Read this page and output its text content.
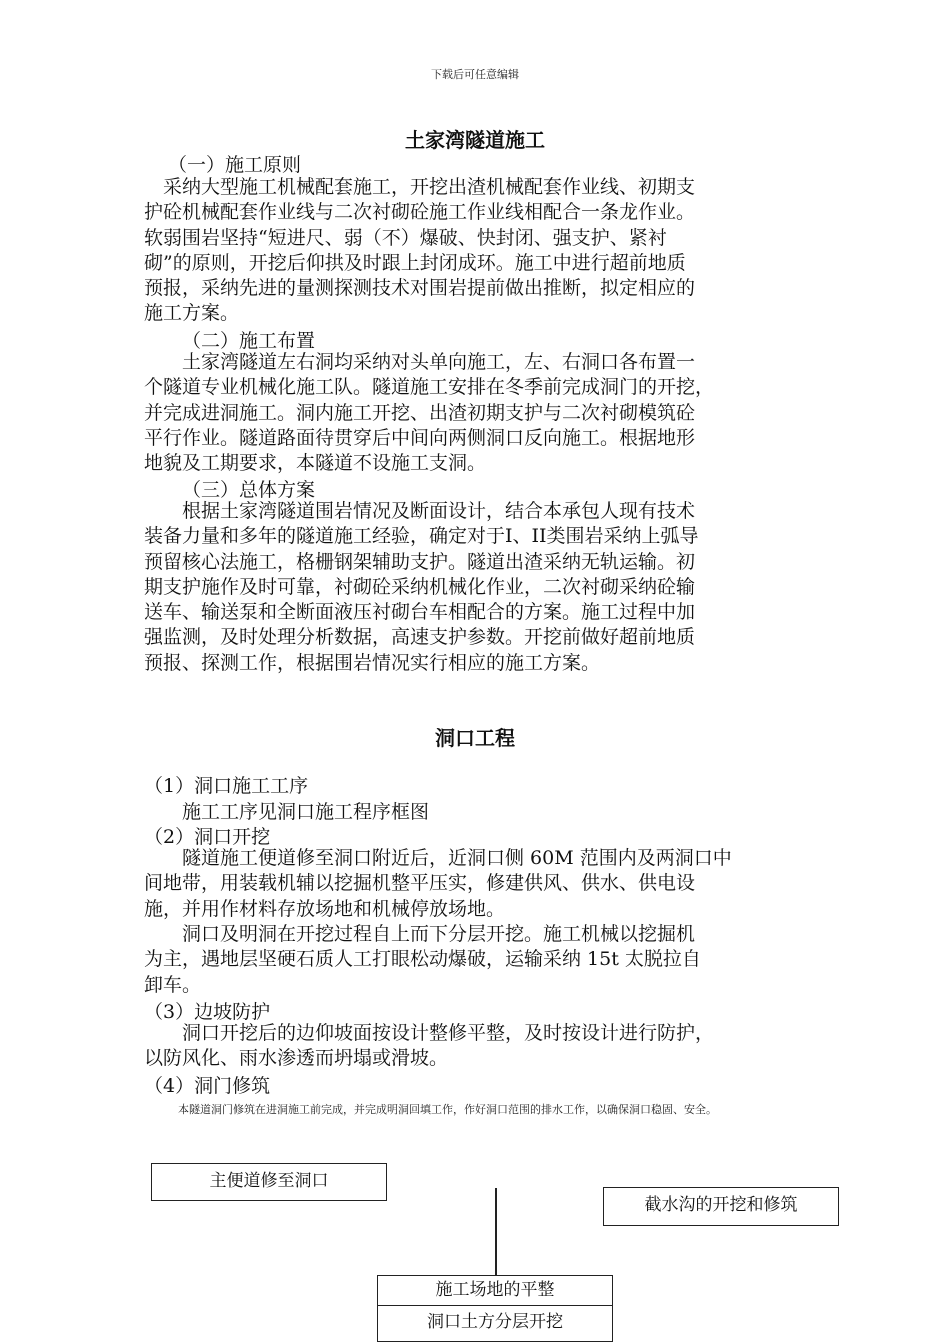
下载后可任意编辑
土家湾隧道施工
（一）施工原则
　采纳大型施工机械配套施工，开挖出渣机械配套作业线、初期支
护砼机械配套作业线与二次衬砌砼施工作业线相配合一条龙作业。
软弱围岩坚持“短进尺、弱（不）爆破、快封闭、强支护、紧衬
砌”的原则，开挖后仰拱及时跟上封闭成环。施工中进行超前地质
预报，采纳先进的量测探测技术对围岩提前做出推断，拟定相应的
施工方案。
（二）施工布置
　　土家湾隧道左右洞均采纳对头单向施工，左、右洞口各布置一
个隧道专业机械化施工队。隧道施工安排在冬季前完成洞门的开挖，
并完成进洞施工。洞内施工开挖、出渣初期支护与二次衬砌模筑砼
平行作业。隧道路面待贯穿后中间向两侧洞口反向施工。根据地形
地貌及工期要求，本隧道不设施工支洞。
（三）总体方案
　　根据土家湾隧道围岩情况及断面设计，结合本承包人现有技术
装备力量和多年的隧道施工经验，确定对于I、II类围岩采纳上弧导
预留核心法施工，格栅钢架辅助支护。隧道出渣采纳无轨运输。初
期支护施作及时可靠，衬砌砼采纳机械化作业，二次衬砌采纳砼输
送车、输送泵和全断面液压衬砌台车相配合的方案。施工过程中加
强监测，及时处理分析数据，高速支护参数。开挖前做好超前地质
预报、探测工作，根据围岩情况实行相应的施工方案。
洞口工程
（1）洞口施工工序
　　施工工序见洞口施工程序框图
（2）洞口开挖
　　隧道施工便道修至洞口附近后，近洞口侧 60M 范围内及两洞口中
间地带，用装载机辅以挖掘机整平压实，修建供风、供水、供电设
施，并用作材料存放场地和机械停放场地。
　　洞口及明洞在开挖过程自上而下分层开挖。施工机械以挖掘机
为主，遇地层坚硬石质人工打眼松动爆破，运输采纳 15t 太脱拉自
卸车。
（3）边坡防护
　　洞口开挖后的边仰坡面按设计整修平整，及时按设计进行防护，
以防风化、雨水渗透而坍塌或滑坡。
（4）洞门修筑
本隧道洞门修筑在进洞施工前完成，并完成明洞回填工作，作好洞口范围的排水工作，以确保洞口稳固、安全。
主便道修至洞口
截水沟的开挖和修筑
施工场地的平整
洞口土方分层开挖
